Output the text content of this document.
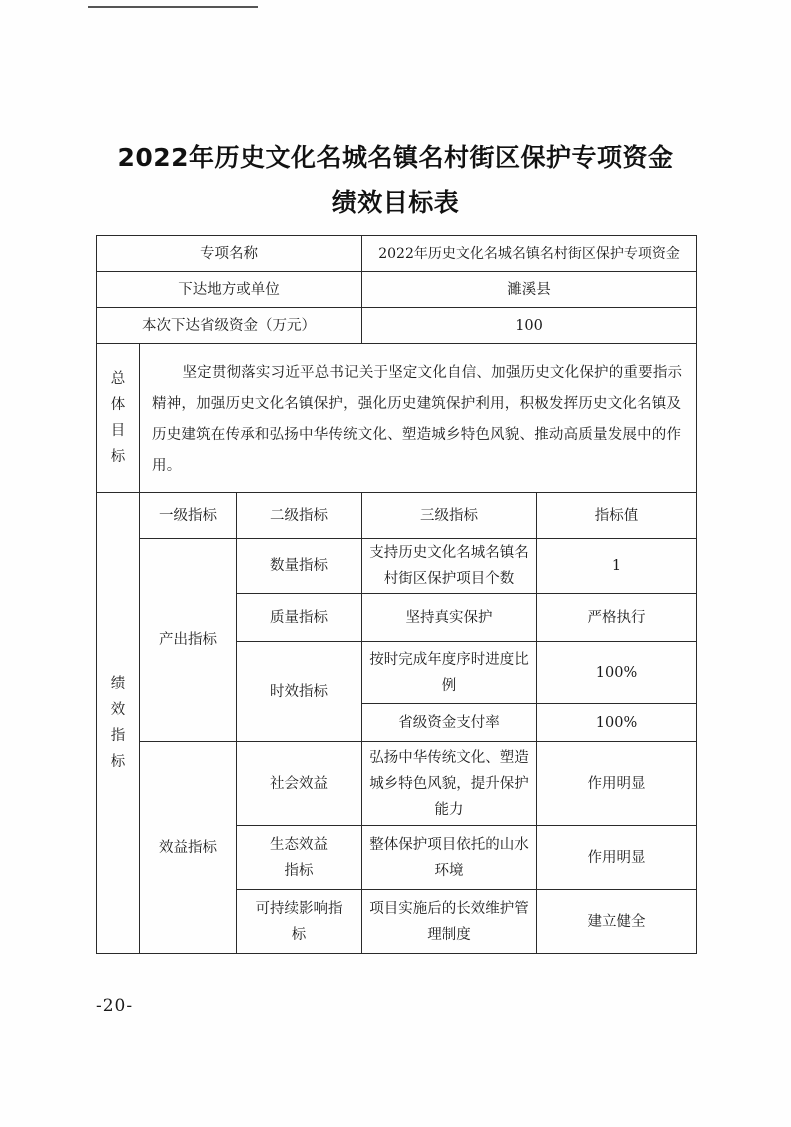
2022年历史文化名城名镇名村街区保护专项资金
绩效目标表
专项名称			2022年历史文化名城名镇名村街区保护专项资金	
下达地方或单位			濉溪县	
本次下达省级资金（万元）			100	
总体目标	坚定贯彻落实习近平总书记关于坚定文化自信、加强历史文化保护的重要指示精神，加强历史文化名镇保护，强化历史建筑保护利用，积极发挥历史文化名镇及历史建筑在传承和弘扬中华传统文化、塑造城乡特色风貌、推动高质量发展中的作用。			
绩效指标	一级指标	二级指标	三级指标	指标值
	产出指标	数量指标	支持历史文化名城名镇名村街区保护项目个数	1
		质量指标	坚持真实保护	严格执行
		时效指标	按时完成年度序时进度比例	100%
			省级资金支付率	100%
	效益指标	社会效益	弘扬中华传统文化、塑造城乡特色风貌，提升保护能力	作用明显
		生态效益指标	整体保护项目依托的山水环境	作用明显
		可持续影响指标	项目实施后的长效维护管理制度	建立健全
-20-
